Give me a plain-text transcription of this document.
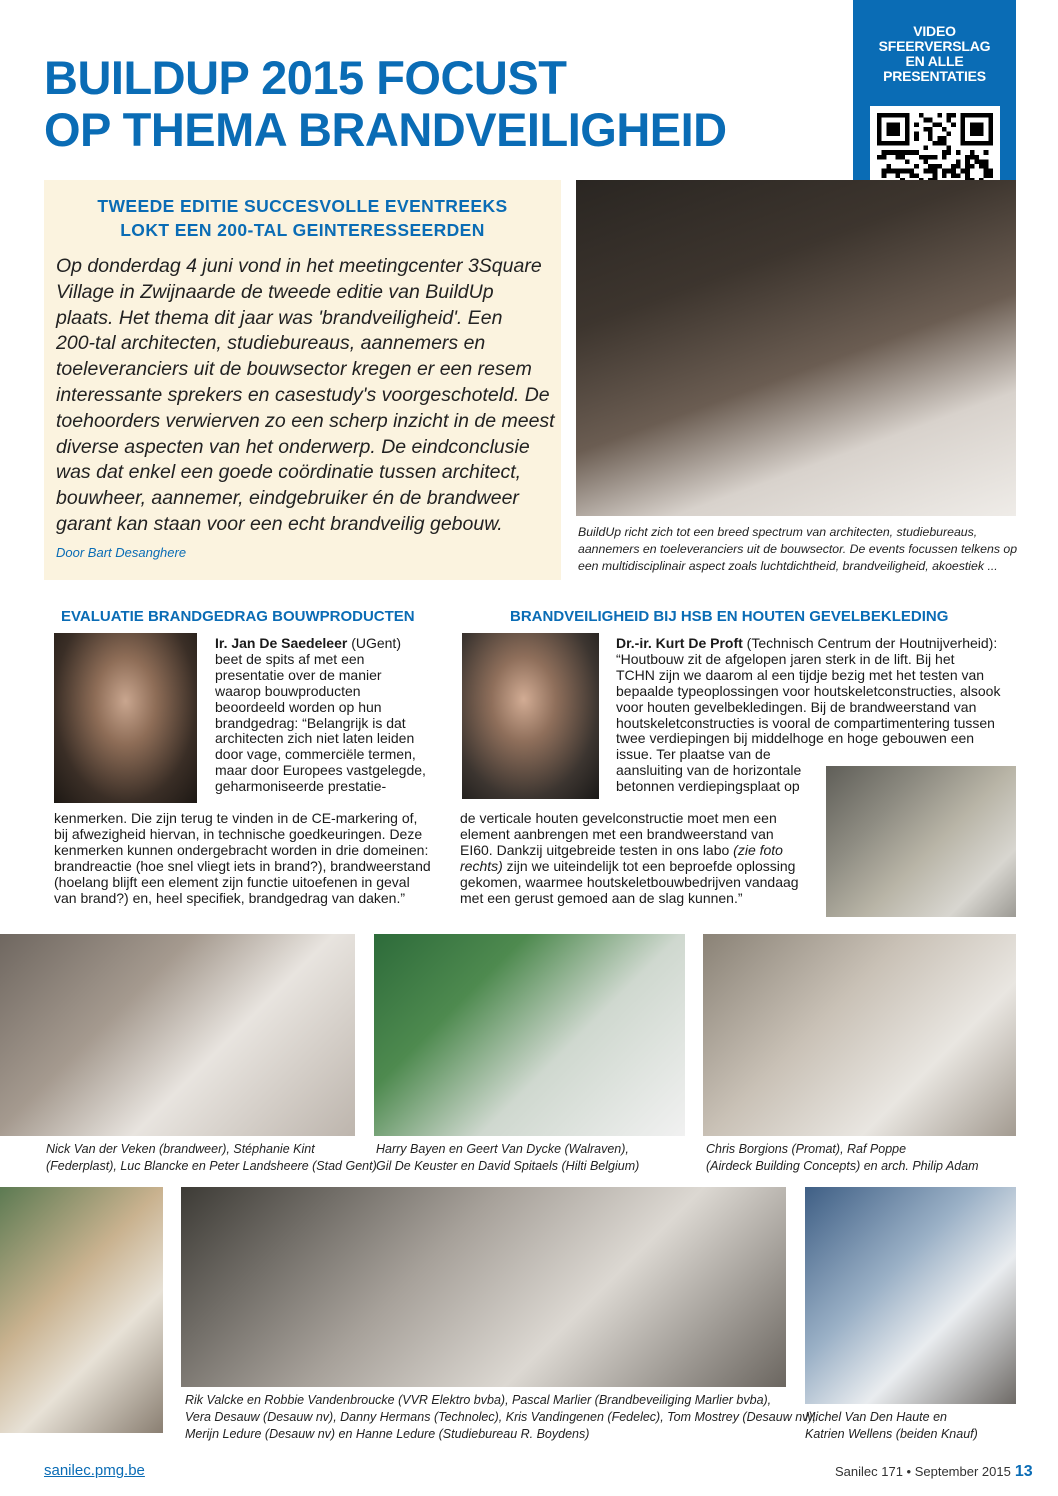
BUILDUP 2015 FOCUST
OP THEMA BRANDVEILIGHEID
VIDEO
SFEERVERSLAG
EN ALLE
PRESENTATIES
TWEEDE EDITIE SUCCESVOLLE EVENTREEKS
LOKT EEN 200-TAL GEINTERESSEERDEN
Op donderdag 4 juni vond in het meetingcenter 3Square
Village in Zwijnaarde de tweede editie van BuildUp
plaats. Het thema dit jaar was 'brandveiligheid'. Een
200-tal architecten, studiebureaus, aannemers en
toeleveranciers uit de bouwsector kregen er een resem
interessante sprekers en casestudy's voorgeschoteld. De
toehoorders verwierven zo een scherp inzicht in de meest
diverse aspecten van het onderwerp. De eindconclusie
was dat enkel een goede coördinatie tussen architect,
bouwheer, aannemer, eindgebruiker én de brandweer
garant kan staan voor een echt brandveilig gebouw.
Door Bart Desanghere
BuildUp richt zich tot een breed spectrum van architecten, studiebureaus,
aannemers en toeleveranciers uit de bouwsector. De events focussen telkens op
een multidisciplinair aspect zoals luchtdichtheid, brandveiligheid, akoestiek ...
EVALUATIE BRANDGEDRAG BOUWPRODUCTEN
Ir. Jan De Saedeleer (UGent)
beet de spits af met een
presentatie over de manier
waarop bouwproducten
beoordeeld worden op hun
brandgedrag: “Belangrijk is dat
architecten zich niet laten leiden
door vage, commerciële termen,
maar door Europees vastgelegde,
geharmoniseerde prestatie-
kenmerken. Die zijn terug te vinden in de CE-markering of,
bij afwezigheid hiervan, in technische goedkeuringen. Deze
kenmerken kunnen ondergebracht worden in drie domeinen:
brandreactie (hoe snel vliegt iets in brand?), brandweerstand
(hoelang blijft een element zijn functie uitoefenen in geval
van brand?) en, heel specifiek, brandgedrag van daken.”
BRANDVEILIGHEID BIJ HSB EN HOUTEN GEVELBEKLEDING
Dr.-ir. Kurt De Proft (Technisch Centrum der Houtnijverheid):
“Houtbouw zit de afgelopen jaren sterk in de lift. Bij het
TCHN zijn we daarom al een tijdje bezig met het testen van
bepaalde typeoplossingen voor houtskeletconstructies, alsook
voor houten gevelbekledingen. Bij de brandweerstand van
houtskeletconstructies is vooral de compartimentering tussen
twee verdiepingen bij middelhoge en hoge gebouwen een
issue. Ter plaatse van de
aansluiting van de horizontale
betonnen verdiepingsplaat op
de verticale houten gevelconstructie moet men een
element aanbrengen met een brandweerstand van
EI60. Dankzij uitgebreide testen in ons labo (zie foto
rechts) zijn we uiteindelijk tot een beproefde oplossing
gekomen, waarmee houtskeletbouwbedrijven vandaag
met een gerust gemoed aan de slag kunnen.”
Nick Van der Veken (brandweer), Stéphanie Kint
(Federplast), Luc Blancke en Peter Landsheere (Stad Gent)
Harry Bayen en Geert Van Dycke (Walraven),
Gil De Keuster en David Spitaels (Hilti Belgium)
Chris Borgions (Promat), Raf Poppe
(Airdeck Building Concepts) en arch. Philip Adam
Rik Valcke en Robbie Vandenbroucke (VVR Elektro bvba), Pascal Marlier (Brandbeveiliging Marlier bvba),
Vera Desauw (Desauw nv), Danny Hermans (Technolec), Kris Vandingenen (Fedelec), Tom Mostrey (Desauw nv),
Merijn Ledure (Desauw nv) en Hanne Ledure (Studiebureau R. Boydens)
Michel Van Den Haute en
Katrien Wellens (beiden Knauf)
sanilec.pmg.be	Sanilec 171 • September 2015 13
